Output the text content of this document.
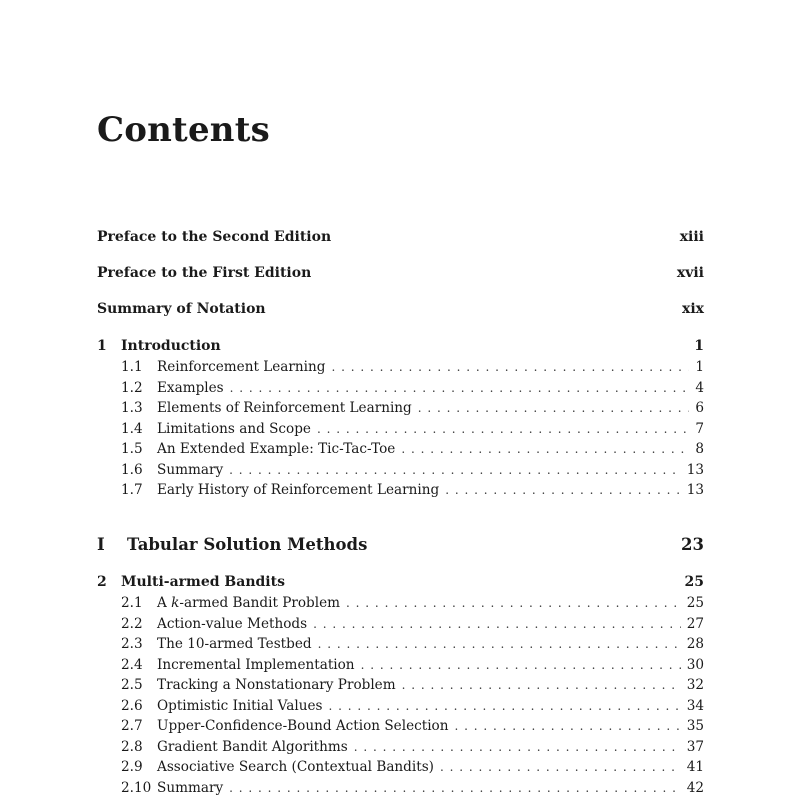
Contents
Preface to the Second Edition	xiii
Preface to the First Edition	xvii
Summary of Notation	xix
1	Introduction	1
1.1	Reinforcement Learning . . .	1
1.2	Examples . . .	4
1.3	Elements of Reinforcement Learning . . .	6
1.4	Limitations and Scope . . .	7
1.5	An Extended Example: Tic-Tac-Toe . . .	8
1.6	Summary . . .	13
1.7	Early History of Reinforcement Learning . . .	13
I	Tabular Solution Methods	23
2	Multi-armed Bandits	25
2.1	A k-armed Bandit Problem . . .	25
2.2	Action-value Methods . . .	27
2.3	The 10-armed Testbed . . .	28
2.4	Incremental Implementation . . .	30
2.5	Tracking a Nonstationary Problem . . .	32
2.6	Optimistic Initial Values . . .	34
2.7	Upper-Confidence-Bound Action Selection . . .	35
2.8	Gradient Bandit Algorithms . . .	37
2.9	Associative Search (Contextual Bandits) . . .	41
2.10 Summary . . .	42
